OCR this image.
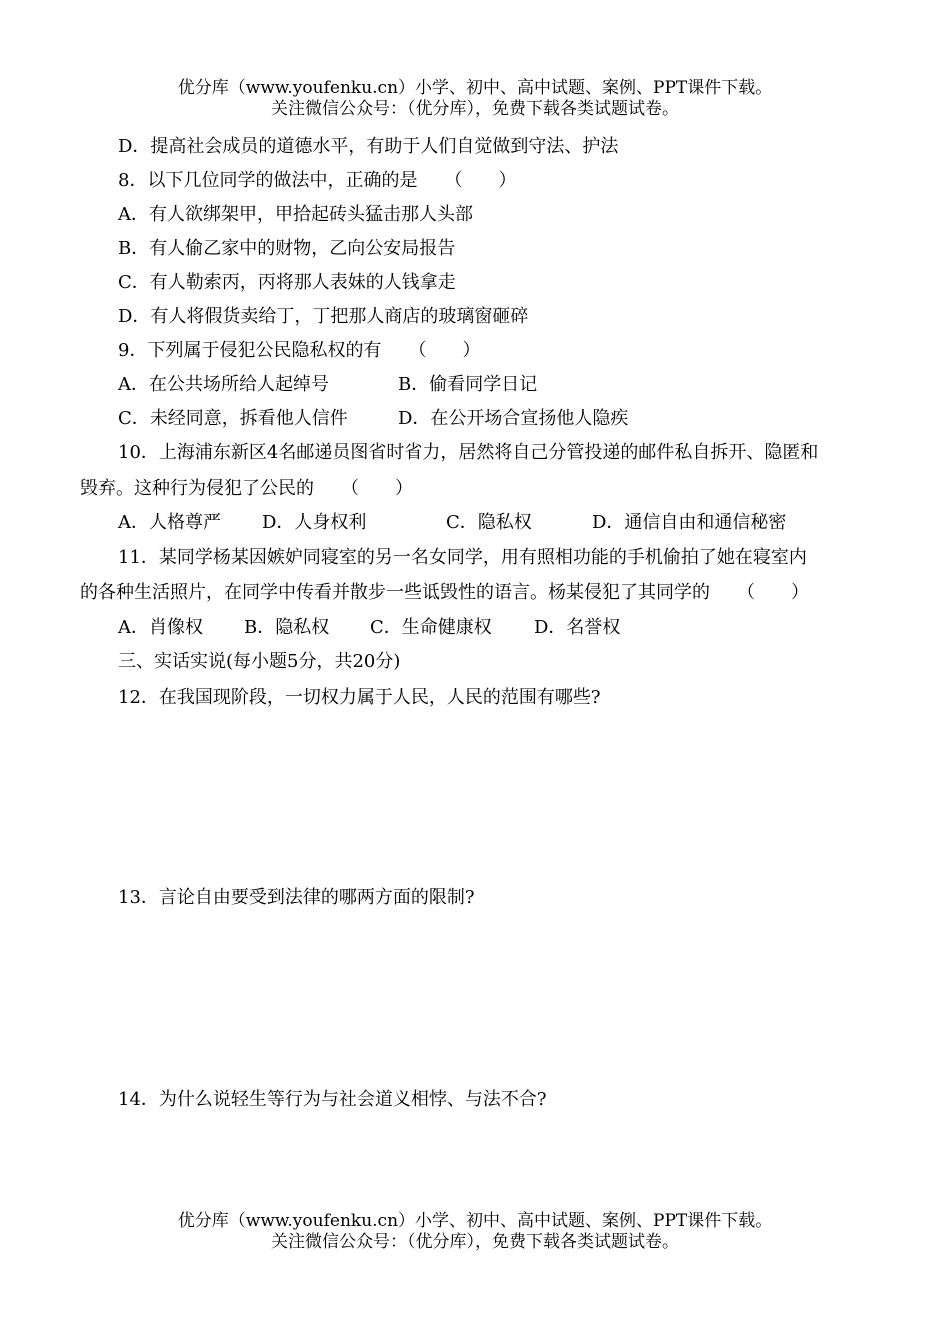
优分库（www.youfenku.cn）小学、初中、高中试题、案例、PPT课件下载。
关注微信公众号：（优分库），免费下载各类试题试卷。
D．提高社会成员的道德水平，有助于人们自觉做到守法、护法
8．以下几位同学的做法中，正确的是　　（　　）
A．有人欲绑架甲，甲拾起砖头猛击那人头部
B．有人偷乙家中的财物，乙向公安局报告
C．有人勒索丙，丙将那人表妹的人钱拿走
D．有人将假货卖给丁，丁把那人商店的玻璃窗砸碎
9．下列属于侵犯公民隐私权的有　　（　　）
A．在公共场所给人起绰号	B．偷看同学日记
C．未经同意，拆看他人信件	D．在公开场合宣扬他人隐疾
10．上海浦东新区4名邮递员图省时省力，居然将自己分管投递的邮件私自拆开、隐匿和
毁弃。这种行为侵犯了公民的　　（　　）
A．人格尊严 D．人身权利	C．隐私权	D．通信自由和通信秘密
11．某同学杨某因嫉妒同寝室的另一名女同学，用有照相功能的手机偷拍了她在寝室内
的各种生活照片，在同学中传看并散步一些诋毁性的语言。杨某侵犯了其同学的　　（　　）
A．肖像权 B．隐私权 C．生命健康权 D．名誉权
三、实话实说(每小题5分，共20分)
12．在我国现阶段，一切权力属于人民，人民的范围有哪些?
13．言论自由要受到法律的哪两方面的限制?
14．为什么说轻生等行为与社会道义相悖、与法不合?
优分库（www.youfenku.cn）小学、初中、高中试题、案例、PPT课件下载。
关注微信公众号：（优分库），免费下载各类试题试卷。
